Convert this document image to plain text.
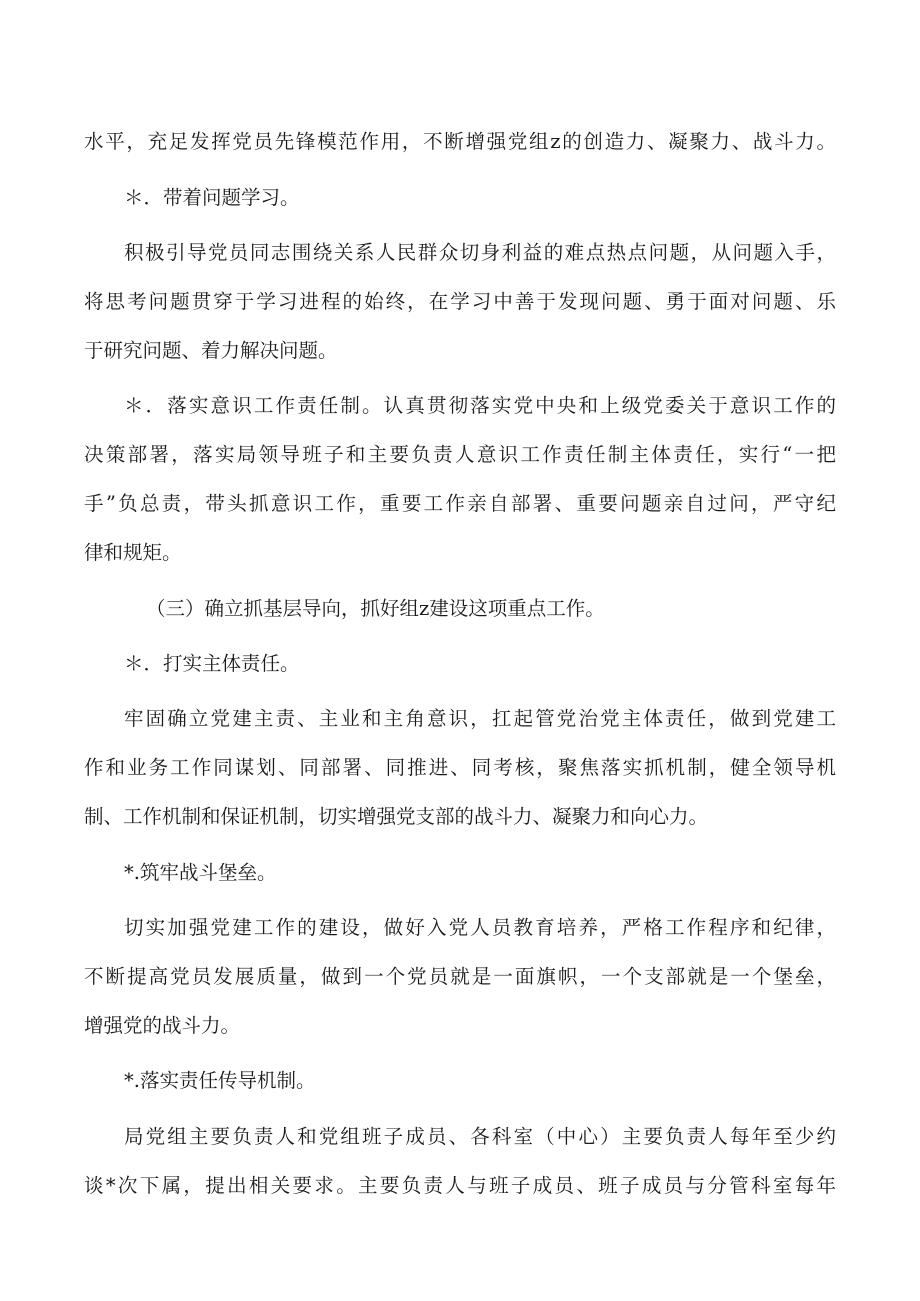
水平，充足发挥党员先锋模范作用，不断增强党组z的创造力、凝聚力、战斗力。
＊．带着问题学习。
积极引导党员同志围绕关系人民群众切身利益的难点热点问题，从问题入手，
将思考问题贯穿于学习进程的始终，在学习中善于发现问题、勇于面对问题、乐
于研究问题、着力解决问题。
＊．落实意识工作责任制。认真贯彻落实党中央和上级党委关于意识工作的
决策部署，落实局领导班子和主要负责人意识工作责任制主体责任，实行“一把
手”负总责，带头抓意识工作，重要工作亲自部署、重要问题亲自过问，严守纪
律和规矩。
（三）确立抓基层导向，抓好组z建设这项重点工作。
＊．打实主体责任。
牢固确立党建主责、主业和主角意识，扛起管党治党主体责任，做到党建工
作和业务工作同谋划、同部署、同推进、同考核，聚焦落实抓机制，健全领导机
制、工作机制和保证机制，切实增强党支部的战斗力、凝聚力和向心力。
*.筑牢战斗堡垒。
切实加强党建工作的建设，做好入党人员教育培养，严格工作程序和纪律，
不断提高党员发展质量，做到一个党员就是一面旗帜，一个支部就是一个堡垒，
增强党的战斗力。
*.落实责任传导机制。
局党组主要负责人和党组班子成员、各科室（中心）主要负责人每年至少约
谈*次下属，提出相关要求。主要负责人与班子成员、班子成员与分管科室每年
